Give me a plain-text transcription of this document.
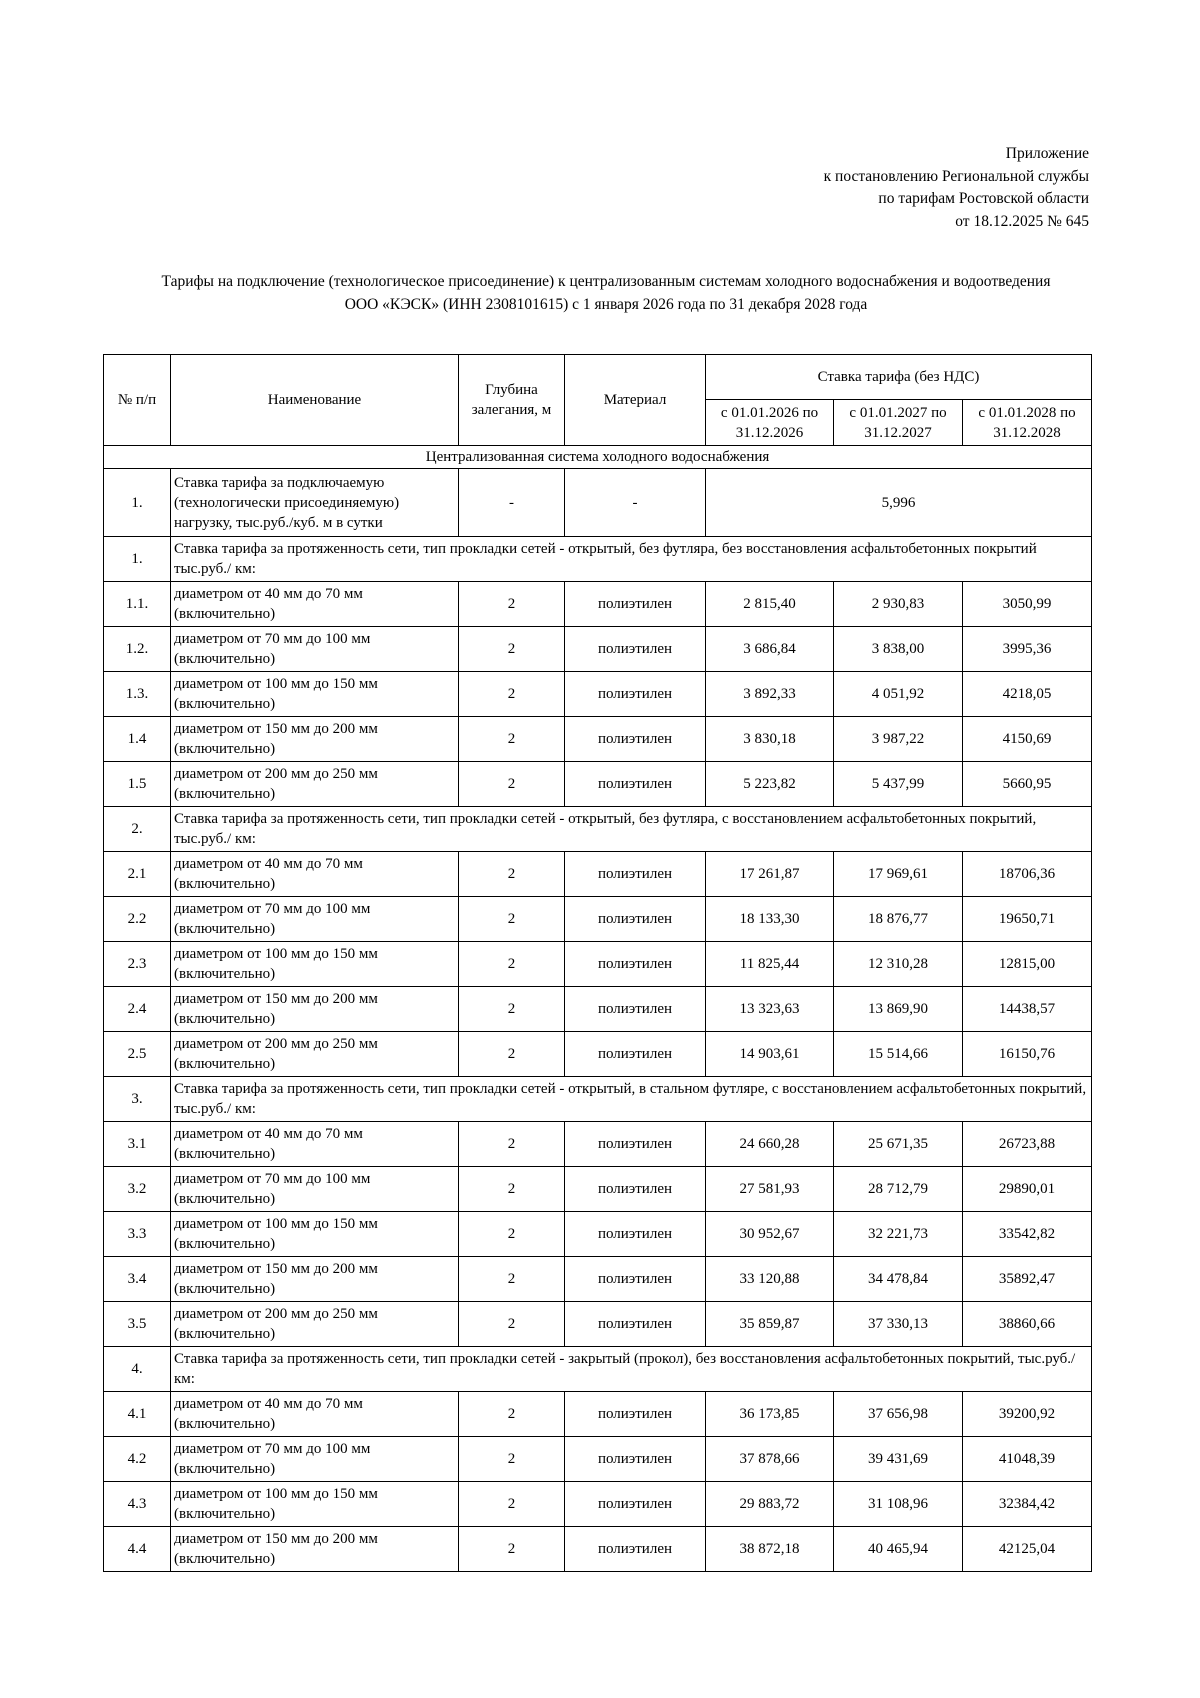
Приложение
к постановлению Региональной службы
по тарифам Ростовской области
от 18.12.2025 № 645
Тарифы на подключение (технологическое присоединение) к централизованным системам холодного водоснабжения и водоотведения
ООО «КЭСК» (ИНН 2308101615) с 1 января 2026 года по 31 декабря 2028 года
№ п/п	Наименование	Глубина залегания, м	Материал	Ставка тарифа (без НДС)		
				с 01.01.2026 по 31.12.2026	с 01.01.2027 по 31.12.2027	с 01.01.2028 по 31.12.2028
Централизованная система холодного водоснабжения						
1.	Ставка тарифа за подключаемую (технологически присоединяемую) нагрузку, тыс.руб./куб. м в сутки	-	-	5,996		
1.	Ставка тарифа за протяженность сети, тип прокладки сетей - открытый, без футляра, без восстановления асфальтобетонных покрытий тыс.руб./ км:					
1.1.	диаметром от 40 мм до 70 мм (включительно)	2	полиэтилен	2 815,40	2 930,83	3050,99
1.2.	диаметром от 70 мм до 100 мм (включительно)	2	полиэтилен	3 686,84	3 838,00	3995,36
1.3.	диаметром от 100 мм до 150 мм (включительно)	2	полиэтилен	3 892,33	4 051,92	4218,05
1.4	диаметром от 150 мм до 200 мм (включительно)	2	полиэтилен	3 830,18	3 987,22	4150,69
1.5	диаметром от 200 мм до 250 мм (включительно)	2	полиэтилен	5 223,82	5 437,99	5660,95
2.	Ставка тарифа за протяженность сети, тип прокладки сетей - открытый, без футляра, с восстановлением асфальтобетонных покрытий, тыс.руб./ км:					
2.1	диаметром от 40 мм до 70 мм (включительно)	2	полиэтилен	17 261,87	17 969,61	18706,36
2.2	диаметром от 70 мм до 100 мм (включительно)	2	полиэтилен	18 133,30	18 876,77	19650,71
2.3	диаметром от 100 мм до 150 мм (включительно)	2	полиэтилен	11 825,44	12 310,28	12815,00
2.4	диаметром от 150 мм до 200 мм (включительно)	2	полиэтилен	13 323,63	13 869,90	14438,57
2.5	диаметром от 200 мм до 250 мм (включительно)	2	полиэтилен	14 903,61	15 514,66	16150,76
3.	Ставка тарифа за протяженность сети, тип прокладки сетей - открытый, в стальном футляре, с восстановлением асфальтобетонных покрытий, тыс.руб./ км:					
3.1	диаметром от 40 мм до 70 мм (включительно)	2	полиэтилен	24 660,28	25 671,35	26723,88
3.2	диаметром от 70 мм до 100 мм (включительно)	2	полиэтилен	27 581,93	28 712,79	29890,01
3.3	диаметром от 100 мм до 150 мм (включительно)	2	полиэтилен	30 952,67	32 221,73	33542,82
3.4	диаметром от 150 мм до 200 мм (включительно)	2	полиэтилен	33 120,88	34 478,84	35892,47
3.5	диаметром от 200 мм до 250 мм (включительно)	2	полиэтилен	35 859,87	37 330,13	38860,66
4.	Ставка тарифа за протяженность сети, тип прокладки сетей - закрытый (прокол), без восстановления асфальтобетонных покрытий, тыс.руб./ км:					
4.1	диаметром от 40 мм до 70 мм (включительно)	2	полиэтилен	36 173,85	37 656,98	39200,92
4.2	диаметром от 70 мм до 100 мм (включительно)	2	полиэтилен	37 878,66	39 431,69	41048,39
4.3	диаметром от 100 мм до 150 мм (включительно)	2	полиэтилен	29 883,72	31 108,96	32384,42
4.4	диаметром от 150 мм до 200 мм (включительно)	2	полиэтилен	38 872,18	40 465,94	42125,04
